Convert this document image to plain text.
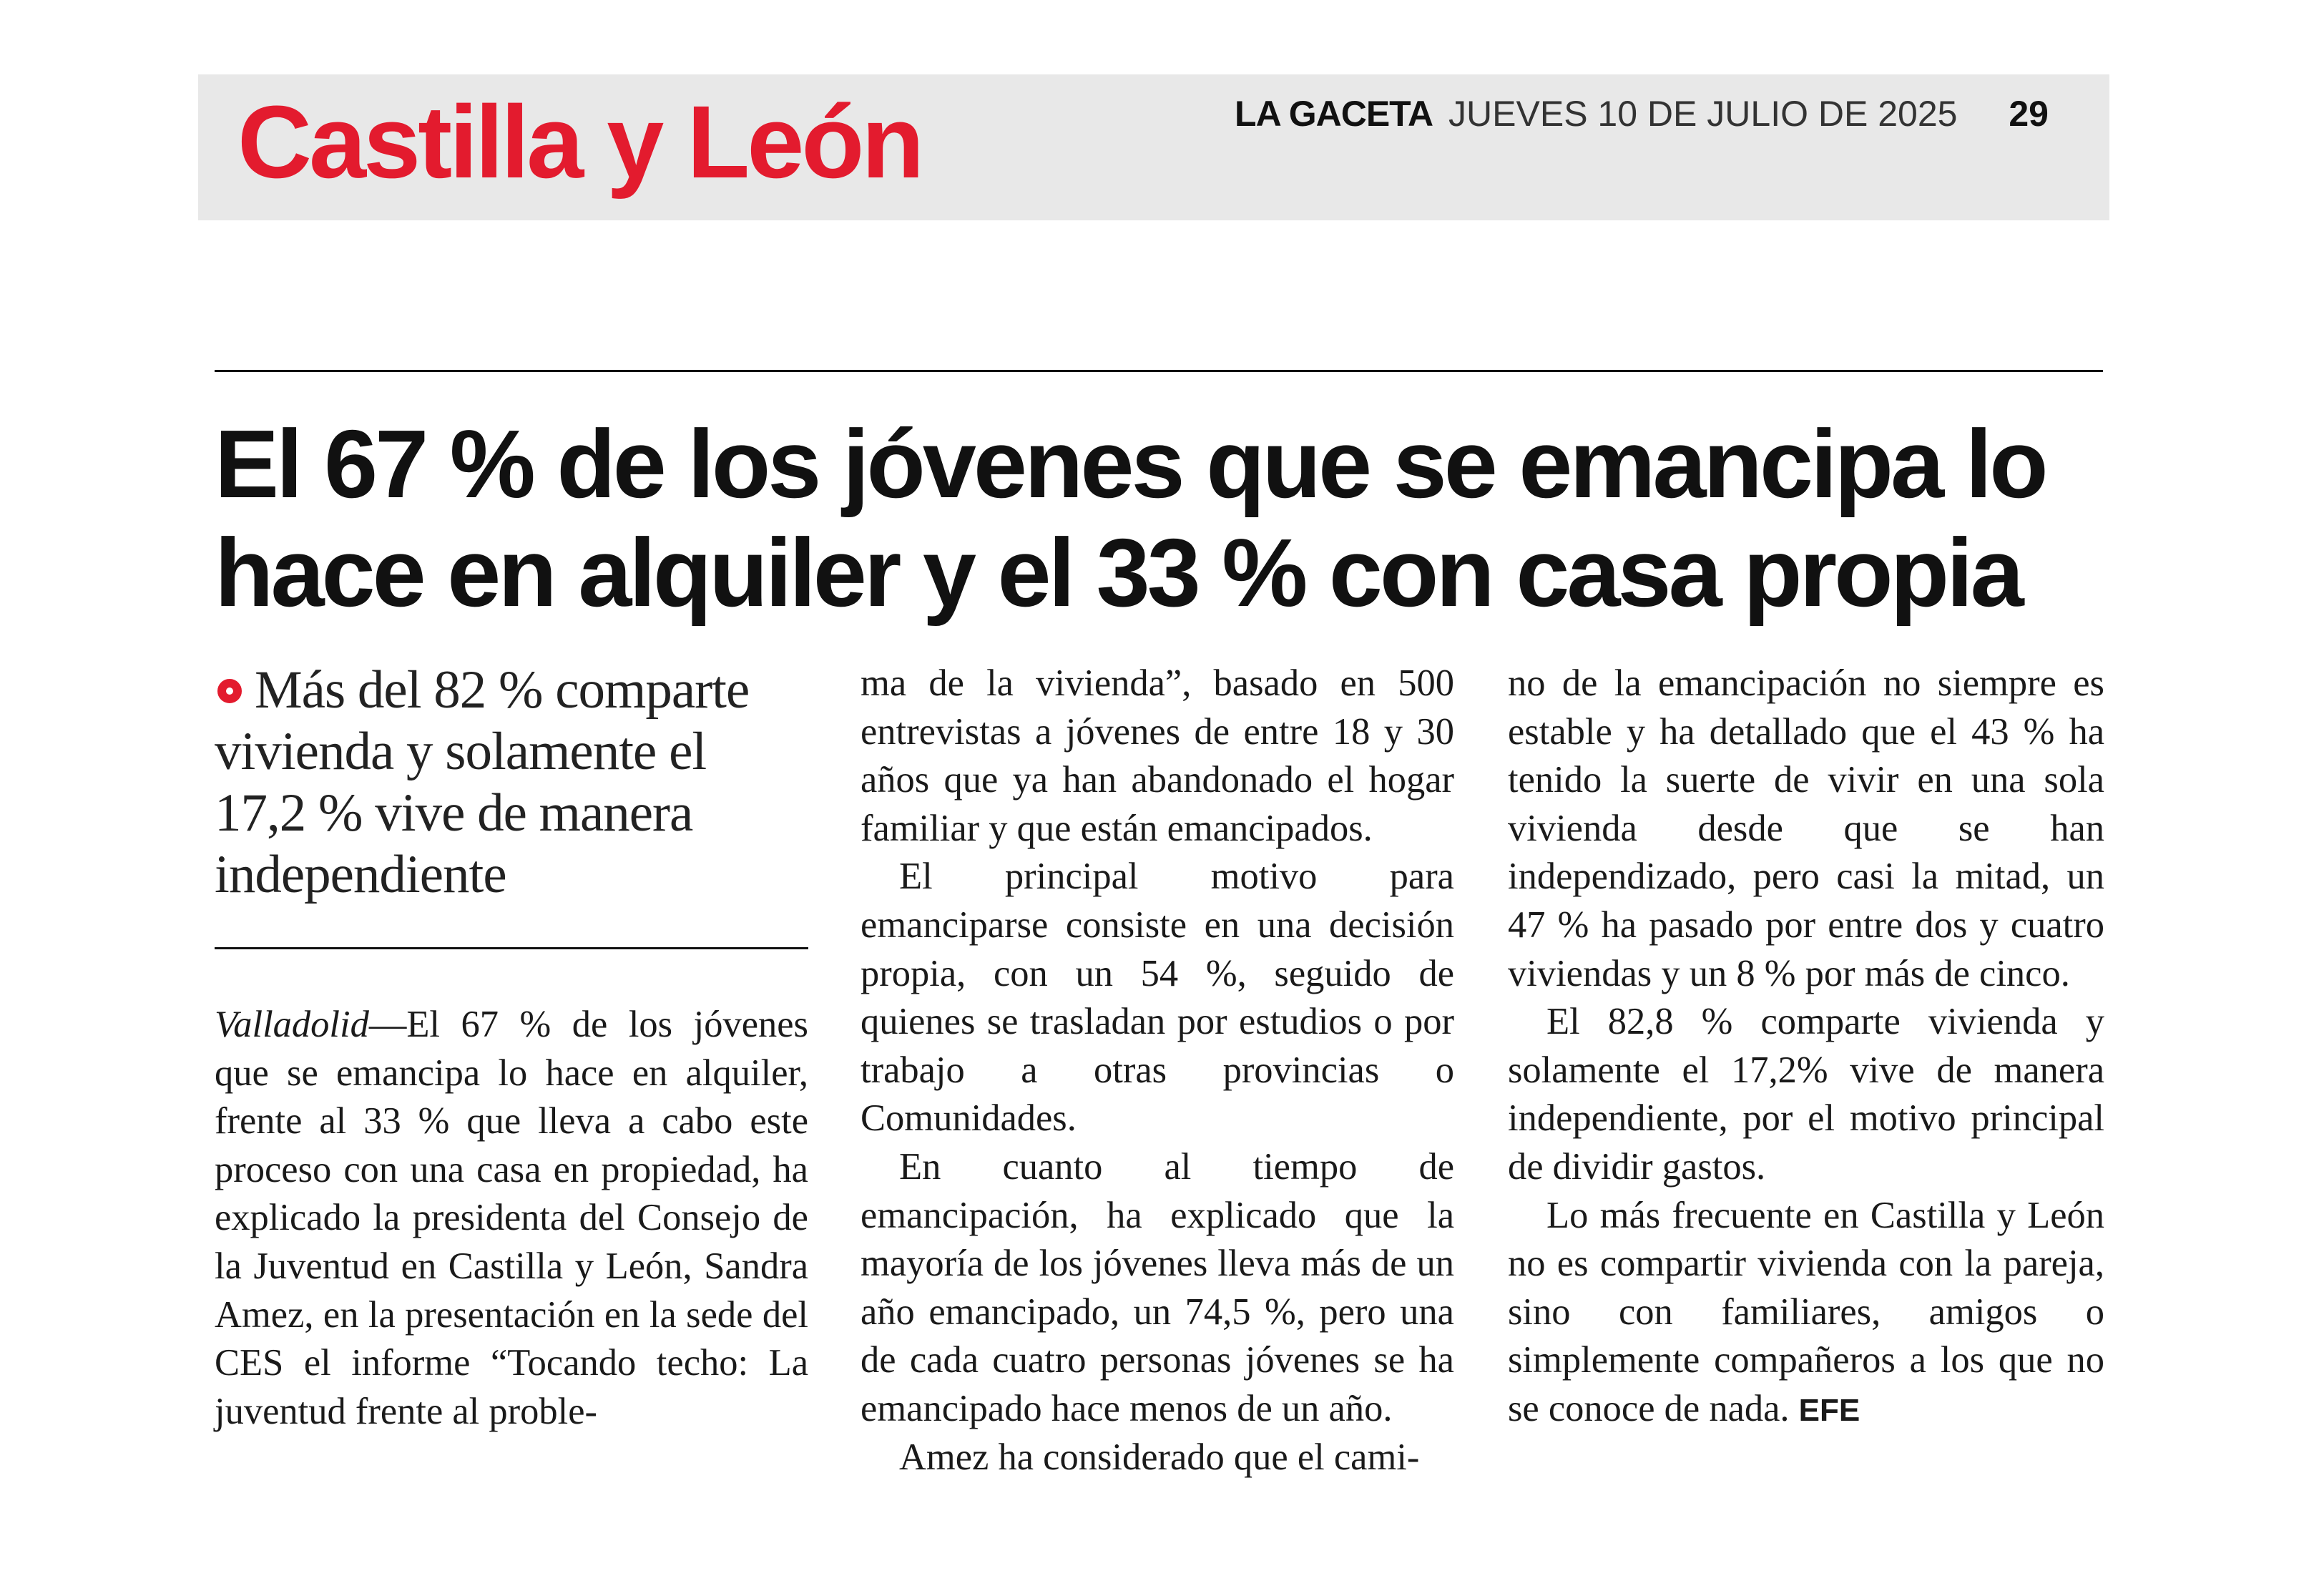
Castilla y León	LA GACETA JUEVES 10 DE JULIO DE 2025 29
El 67 % de los jóvenes que se emancipa lo hace en alquiler y el 33 % con casa propia

Más del 82 % comparte vivienda y solamente el 17,2 % vive de manera independiente

Valladolid—El 67 % de los jóvenes que se emancipa lo hace en alquiler, frente al 33 % que lleva a cabo este proceso con una casa en propiedad, ha explicado la presidenta del Consejo de la Juventud en Castilla y León, Sandra Amez, en la presentación en la sede del CES el informe “Tocando techo: La juventud frente al proble-

ma de la vivienda”, basado en 500 entrevistas a jóvenes de entre 18 y 30 años que ya han abandonado el hogar familiar y que están emancipados.

El principal motivo para emanciparse consiste en una decisión propia, con un 54 %, seguido de quienes se trasladan por estudios o por trabajo a otras provincias o Comunidades.

En cuanto al tiempo de emancipación, ha explicado que la mayoría de los jóvenes lleva más de un año emancipado, un 74,5 %, pero una de cada cuatro personas jóvenes se ha emancipado hace menos de un año.

Amez ha considerado que el cami-

no de la emancipación no siempre es estable y ha detallado que el 43 % ha tenido la suerte de vivir en una sola vivienda desde que se han independizado, pero casi la mitad, un 47 % ha pasado por entre dos y cuatro viviendas y un 8 % por más de cinco.

El 82,8 % comparte vivienda y solamente el 17,2% vive de manera independiente, por el motivo principal de dividir gastos.

Lo más frecuente en Castilla y León no es compartir vivienda con la pareja, sino con familiares, amigos o simplemente compañeros a los que no se conoce de nada. EFE
